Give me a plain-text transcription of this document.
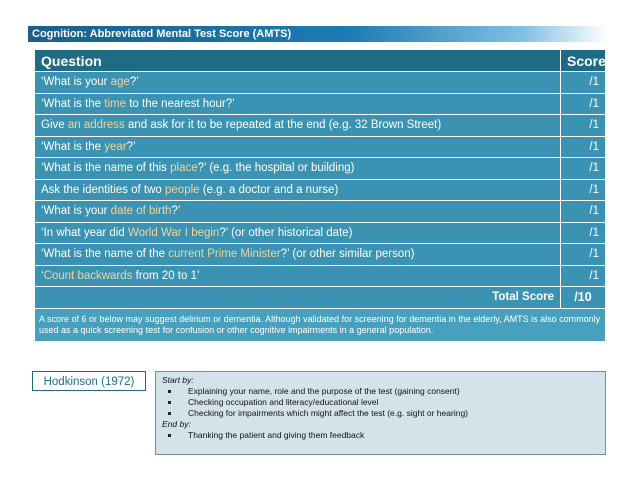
Cognition: Abbreviated Mental Test Score (AMTS)
Question	Score
‘What is your age?’	/1
‘What is the time to the nearest hour?’	/1
Give an address and ask for it to be repeated at the end (e.g. 32 Brown Street)	/1
‘What is the year?’	/1
‘What is the name of this place?’ (e.g. the hospital or building)	/1
Ask the identities of two people (e.g. a doctor and a nurse)	/1
‘What is your date of birth?’	/1
‘In what year did World War I begin?’ (or other historical date)	/1
‘What is the name of the current Prime Minister?’ (or other similar person)	/1
‘Count backwards from 20 to 1’	/1
Total Score	/10
A score of 6 or below may suggest delirium or dementia. Although validated for screening for dementia in the elderly, AMTS is also commonly used as a quick screening test for confusion or other cognitive impairments in a general population.	
Hodkinson (1972)	Start by:
Explaining your name, role and the purpose of the test (gaining consent)
Checking occupation and literacy/educational level
Checking for impairments which might affect the test (e.g. sight or hearing)
End by:
Thanking the patient and giving them feedback
